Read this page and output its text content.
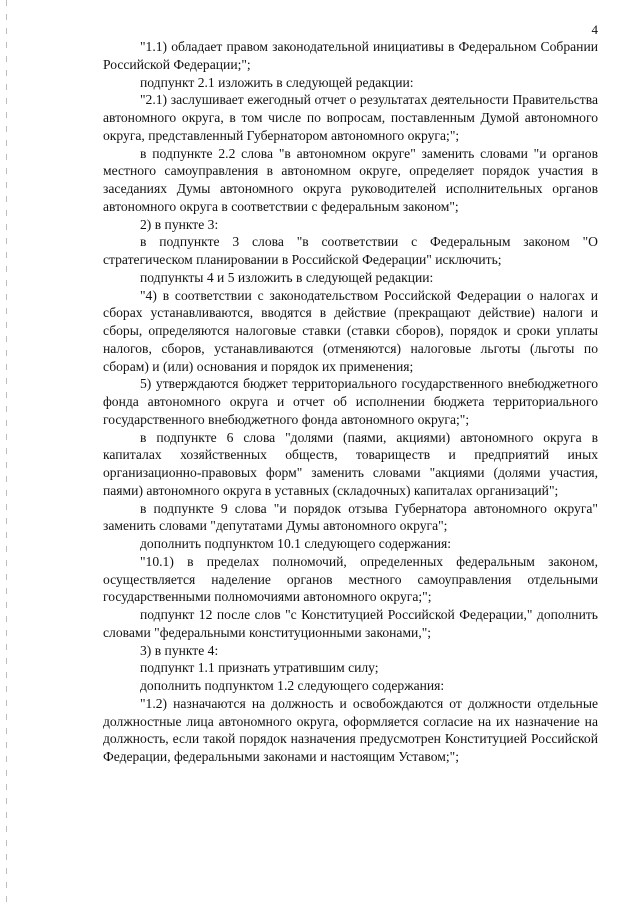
4

"1.1) обладает правом законодательной инициативы в Федеральном Собрании Российской Федерации;";

подпункт 2.1 изложить в следующей редакции:

"2.1) заслушивает ежегодный отчет о результатах деятельности Правительства автономного округа, в том числе по вопросам, поставленным Думой автономного округа, представленный Губернатором автономного округа;";

в подпункте 2.2 слова "в автономном округе" заменить словами "и органов местного самоуправления в автономном округе, определяет порядок участия в заседаниях Думы автономного округа руководителей исполнительных органов автономного округа в соответствии с федеральным законом";

2) в пункте 3:

в подпункте 3 слова "в соответствии с Федеральным законом "О стратегическом планировании в Российской Федерации" исключить;

подпункты 4 и 5 изложить в следующей редакции:

"4) в соответствии с законодательством Российской Федерации о налогах и сборах устанавливаются, вводятся в действие (прекращают действие) налоги и сборы, определяются налоговые ставки (ставки сборов), порядок и сроки уплаты налогов, сборов, устанавливаются (отменяются) налоговые льготы (льготы по сборам) и (или) основания и порядок их применения;

5) утверждаются бюджет территориального государственного внебюджетного фонда автономного округа и отчет об исполнении бюджета территориального государственного внебюджетного фонда автономного округа;";

в подпункте 6 слова "долями (паями, акциями) автономного округа в капиталах хозяйственных обществ, товариществ и предприятий иных организационно-правовых форм" заменить словами "акциями (долями участия, паями) автономного округа в уставных (складочных) капиталах организаций";

в подпункте 9 слова "и порядок отзыва Губернатора автономного округа" заменить словами "депутатами Думы автономного округа";

дополнить подпунктом 10.1 следующего содержания:

"10.1) в пределах полномочий, определенных федеральным законом, осуществляется наделение органов местного самоуправления отдельными государственными полномочиями автономного округа;";

подпункт 12 после слов "с Конституцией Российской Федерации," дополнить словами "федеральными конституционными законами,";

3) в пункте 4:

подпункт 1.1 признать утратившим силу;

дополнить подпунктом 1.2 следующего содержания:

"1.2) назначаются на должность и освобождаются от должности отдельные должностные лица автономного округа, оформляется согласие на их назначение на должность, если такой порядок назначения предусмотрен Конституцией Российской Федерации, федеральными законами и настоящим Уставом;";
